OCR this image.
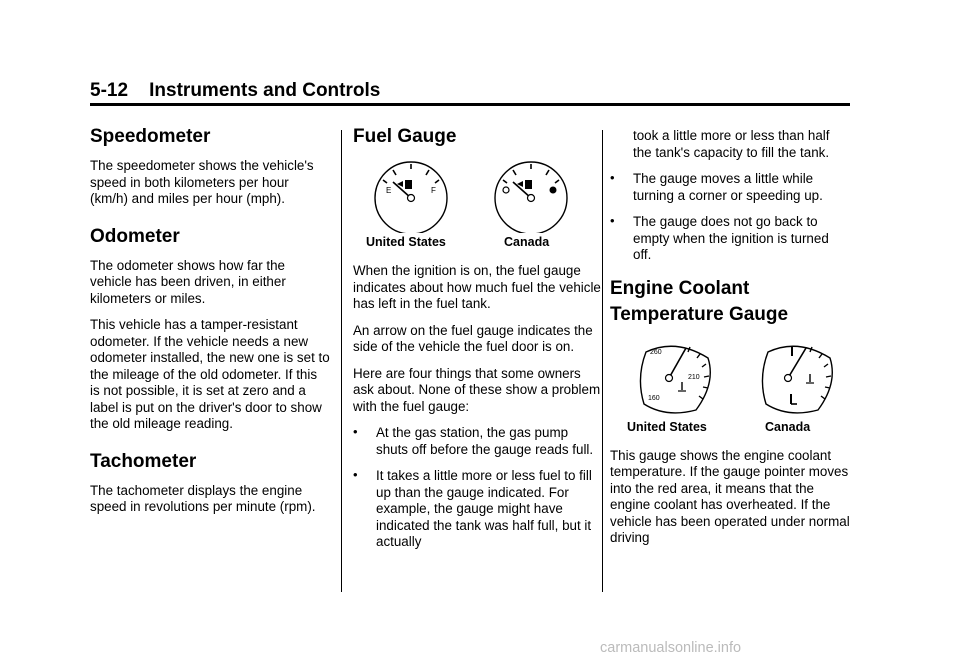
5-12 Instruments and Controls
Speedometer

The speedometer shows the vehicle's speed in both kilometers per hour (km/h) and miles per hour (mph).

Odometer

The odometer shows how far the vehicle has been driven, in either kilometers or miles.

This vehicle has a tamper-resistant odometer. If the vehicle needs a new odometer installed, the new one is set to the mileage of the old odometer. If this is not possible, it is set at zero and a label is put on the driver's door to show the old mileage reading.

Tachometer

The tachometer displays the engine speed in revolutions per minute (rpm).

Fuel Gauge
E	F
United States	Canada

When the ignition is on, the fuel gauge indicates about how much fuel the vehicle has left in the fuel tank.

An arrow on the fuel gauge indicates the side of the vehicle the fuel door is on.

Here are four things that some owners ask about. None of these show a problem with the fuel gauge:

• At the gas station, the gas pump shuts off before the gauge reads full.
• It takes a little more or less fuel to fill up than the gauge indicated. For example, the gauge might have indicated the tank was half full, but it actually

took a little more or less than half the tank's capacity to fill the tank.

• The gauge moves a little while turning a corner or speeding up.
• The gauge does not go back to empty when the ignition is turned off.
Engine Coolant
Temperature Gauge
260
210
160
United States	Canada

This gauge shows the engine coolant temperature. If the gauge pointer moves into the red area, it means that the engine coolant has overheated. If the vehicle has been operated under normal driving

carmanualsonline.info
